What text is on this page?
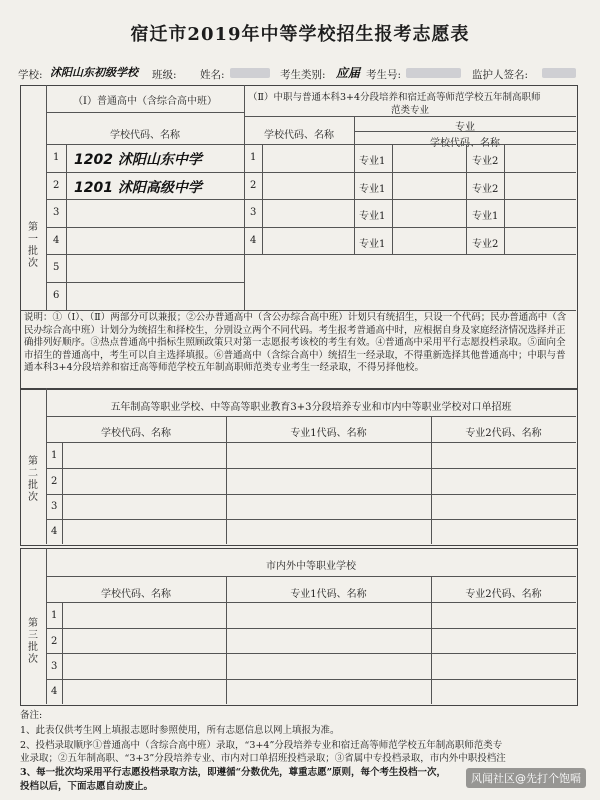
宿迁市2019年中等学校招生报考志愿表
学校: 沭阳山东初级学校 班级: 姓名:	考生类别: 应届 考生号:	监护人签名:
第一批次
（Ⅰ）普通高中（含综合高中班）
学校代码、名称
1 1202 沭阳山东中学
2 1201 沭阳高级中学
3
4
5
6
（Ⅱ）中职与普通本科3+4分段培养和宿迁高等师范学校五年制高职师
范类专业
学校代码、名称
专业
学校代码、名称
1	专业1	专业2
2	专业1	专业2
3	专业1	专业1
4	专业1	专业2
说明：①（Ⅰ）、（Ⅱ）两部分可以兼报；②公办普通高中（含公办综合高中班）计划只有统招生，只设一个代码；民办普通高中（含民办综合高中班）计划分为统招生和择校生，分别设立两个不同代码。考生报考普通高中时，应根据自身及家庭经济情况选择并正确排列好顺序。③热点普通高中指标生照顾政策只对第一志愿报考该校的考生有效。④普通高中采用平行志愿投档录取。⑤面向全市招生的普通高中，考生可以自主选择填报。⑥普通高中（含综合高中）统招生一经录取，不得重新选择其他普通高中；中职与普通本科3+4分段培养和宿迁高等师范学校五年制高职师范类专业考生一经录取，不得另择他校。
第二批次
五年制高等职业学校、中等高等职业教育3+3分段培养专业和市内中等职业学校对口单招班
学校代码、名称	专业1代码、名称	专业2代码、名称
1
2
3
4
第三批次
市内外中等职业学校
学校代码、名称	专业1代码、名称	专业2代码、名称
1
2
3
4
备注:
1、此表仅供考生网上填报志愿时参照使用，所有志愿信息以网上填报为准。
2、投档录取顺序①普通高中（含综合高中班）录取，“3+4”分段培养专业和宿迁高等师范学校五年制高职师范类专
业录取；②五年制高职、“3+3”分段培养专业、市内对口单招班投档录取；③省属中专投档录取，市内外中职投档注
3、每一批次均采用平行志愿投档录取方法，即遵循“分数优先，尊重志愿”原则，每个考生投档一次，
投档以后，下面志愿自动废止。
风闻社区@先打个饱嗝
